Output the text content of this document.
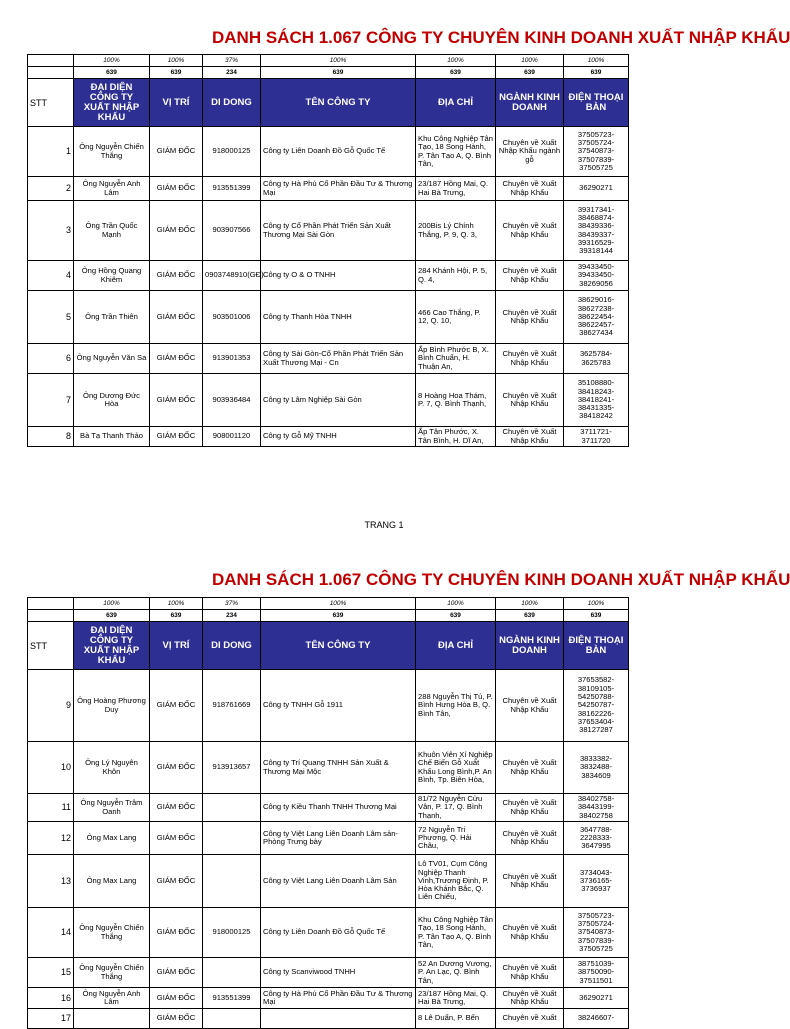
DANH SÁCH 1.067 CÔNG TY CHUYÊN KINH DOANH XUẤT NHẬP KHẨU
	100%	100%	37%	100%	100%	100%	100%
	639	639	234	639	639	639	639
STT	ĐẠI DIỆN CÔNG TY XUẤT NHẬP KHẨU	VỊ TRÍ	DI DONG	TÊN CÔNG TY	ĐỊA CHỈ	NGÀNH KINH DOANH	ĐIỆN THOẠI BÀN
1	Ông Nguyễn Chiến Thắng	GIÁM ĐỐC	918000125	Công ty Liên Doanh Đồ Gỗ Quốc Tế	Khu Công Nghiệp Tân Tạo, 18 Song Hành, P. Tân Tạo A, Q. Bình Tân,	Chuyên về Xuất Nhập Khẩu ngành gỗ	37505723-37505724-37540873-37507839-37505725
2	Ông Nguyễn Anh Lâm	GIÁM ĐỐC	913551399	Công ty Hà Phú Cổ Phần Đầu Tư & Thương Mại	23/187 Hồng Mai, Q. Hai Bà Trưng,	Chuyên về Xuất Nhập Khẩu	36290271
3	Ông Trần Quốc Mạnh	GIÁM ĐỐC	903907566	Công ty Cổ Phần Phát Triển Sản Xuất Thương Mại Sài Gòn	200Bis Lý Chính Thắng, P. 9, Q. 3,	Chuyên về Xuất Nhập Khẩu	39317341-38468874-38439336-38439337-39316529-39318144
4	Ông Hồng Quang Khiêm	GIÁM ĐỐC	0903748910(GĐ)	Công ty O & O TNHH	284 Khánh Hội, P. 5, Q. 4,	Chuyên về Xuất Nhập Khẩu	39433450-39433450-38269056
5	Ông Trần Thiên	GIÁM ĐỐC	903501006	Công ty Thanh Hòa TNHH	466 Cao Thắng, P. 12, Q. 10,	Chuyên về Xuất Nhập Khẩu	38629016-38627238-38622454-38622457-38627434
6	Ông Nguyễn Văn Sa	GIÁM ĐỐC	913901353	Công ty Sài Gòn-Cổ Phần Phát Triển Sản Xuất Thương Mại - Cn	Ấp Bình Phước B, X. Bình Chuẩn, H. Thuận An,	Chuyên về Xuất Nhập Khẩu	3625784-3625783
7	Ông Dương Đức Hòa	GIÁM ĐỐC	903936484	Công ty Lâm Nghiệp Sài Gòn	8 Hoàng Hoa Thám, P. 7, Q. Bình Thạnh,	Chuyên về Xuất Nhập Khẩu	35108880-38418243-38418241-38431335-38418242
8	Bà Tạ Thanh Thảo	GIÁM ĐỐC	908001120	Công ty Gỗ Mỹ TNHH	Ấp Tân Phước, X. Tân Bình, H. Dĩ An,	Chuyên về Xuất Nhập Khẩu	3711721-3711720
TRANG 1
DANH SÁCH 1.067 CÔNG TY CHUYÊN KINH DOANH XUẤT NHẬP KHẨU
	100%	100%	37%	100%	100%	100%	100%
	639	639	234	639	639	639	639
STT	ĐẠI DIỆN CÔNG TY XUẤT NHẬP KHẨU	VỊ TRÍ	DI DONG	TÊN CÔNG TY	ĐỊA CHỈ	NGÀNH KINH DOANH	ĐIỆN THOẠI BÀN
9	Ông Hoàng Phương Duy	GIÁM ĐỐC	918761669	Công ty TNHH Gỗ 1911	288 Nguyễn Thị Tú, P. Bình Hưng Hòa B, Q. Bình Tân,	Chuyên về Xuất Nhập Khẩu	37653582-38109105-54250788-54250787-38162226-37653404-38127287
10	Ông Lý Nguyên Khôn	GIÁM ĐỐC	913913657	Công ty Trí Quang TNHH Sản Xuất & Thương Mại Mộc	Khuôn Viên Xí Nghiệp Chế Biến Gỗ Xuất Khẩu Long Bình,P. An Bình, Tp. Biên Hòa,	Chuyên về Xuất Nhập Khẩu	3833382-3832488-3834609
11	Ông Nguyễn Trâm Oanh	GIÁM ĐỐC		Công ty Kiều Thanh TNHH Thương Mại	81/72 Nguyễn Cửu Vân, P. 17, Q. Bình Thạnh,	Chuyên về Xuất Nhập Khẩu	38402758-38443199-38402758
12	Ông Max Lang	GIÁM ĐỐC		Công ty Việt Lang Liên Doanh Lâm sản-Phòng Trưng bày	72 Nguyễn Tri Phương, Q. Hải Châu,	Chuyên về Xuất Nhập Khẩu	3647788-2228333-3647995
13	Ông Max Lang	GIÁM ĐỐC		Công ty Việt Lang Liên Doanh Lâm Sản	Lô TV01, Cụm Công Nghiệp Thanh Vinh,Trương Định, P. Hòa Khánh Bắc, Q. Liên Chiểu,	Chuyên về Xuất Nhập Khẩu	3734043-3736165-3736937
14	Ông Nguyễn Chiến Thắng	GIÁM ĐỐC	918000125	Công ty Liên Doanh Đồ Gỗ Quốc Tế	Khu Công Nghiệp Tân Tạo, 18 Song Hành, P. Tân Tạo A, Q. Bình Tân,	Chuyên về Xuất Nhập Khẩu	37505723-37505724-37540873-37507839-37505725
15	Ông Nguyễn Chiến Thắng	GIÁM ĐỐC		Công ty Scanviwood TNHH	52 An Dương Vương, P. An Lạc, Q. Bình Tân,	Chuyên về Xuất Nhập Khẩu	38751039-38750090-37511501
16	Ông Nguyễn Anh Lâm	GIÁM ĐỐC	913551399	Công ty Hà Phú Cổ Phần Đầu Tư & Thương Mại	23/187 Hồng Mai, Q. Hai Bà Trưng,	Chuyên về Xuất Nhập Khẩu	36290271
17		GIÁM ĐỐC			8 Lê Duẩn, P. Bến	Chuyên về Xuất	38246607-
